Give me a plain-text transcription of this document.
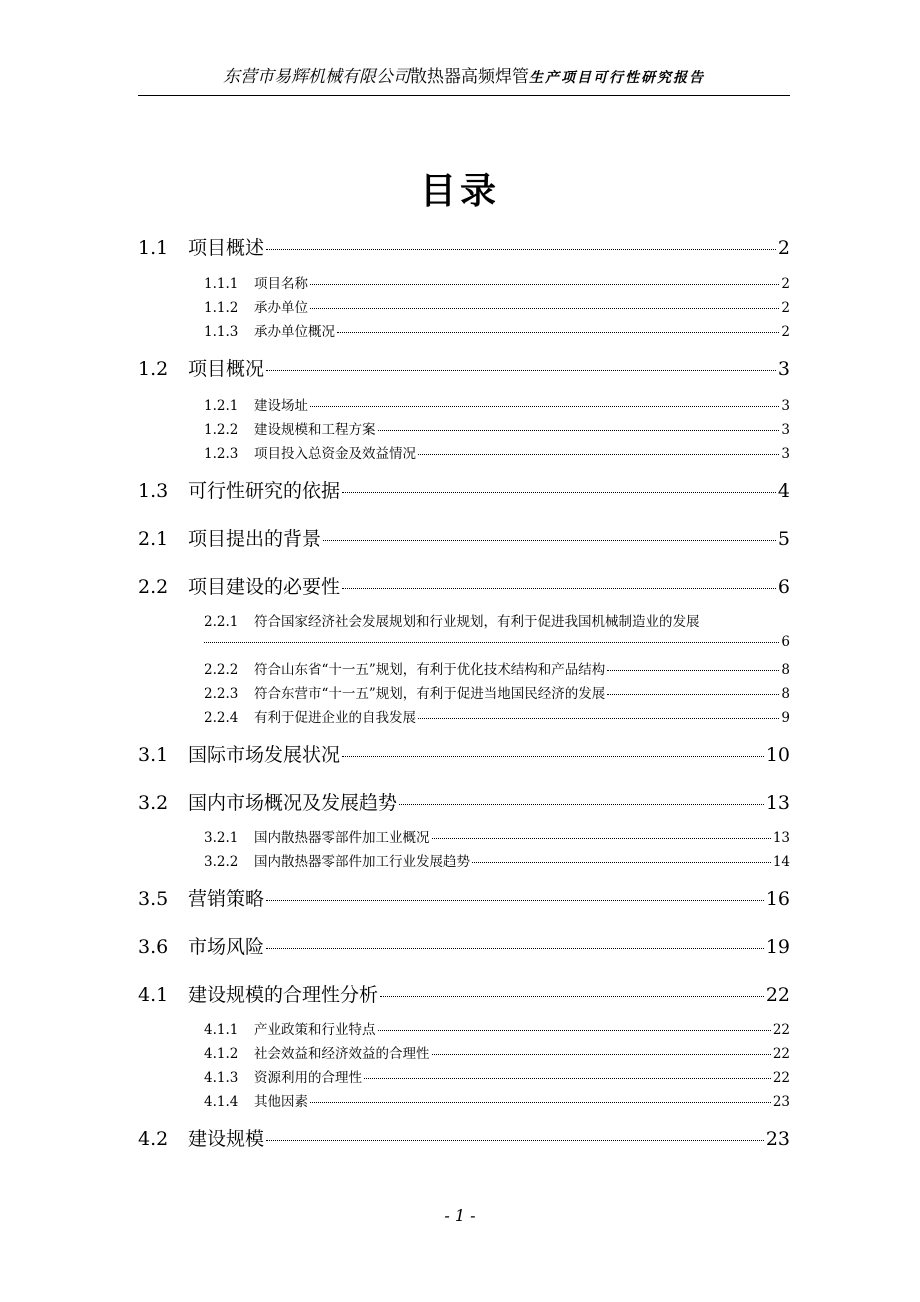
东营市易辉机械有限公司散热器高频焊管生产项目可行性研究报告
目录
1.1	项目概述	2
1.1.1	项目名称	2
1.1.2	承办单位	2
1.1.3	承办单位概况	2
1.2	项目概况	3
1.2.1	建设场址	3
1.2.2	建设规模和工程方案	3
1.2.3	项目投入总资金及效益情况	3
1.3	可行性研究的依据	4
2.1	项目提出的背景	5
2.2	项目建设的必要性	6
2.2.1	符合国家经济社会发展规划和行业规划，有利于促进我国机械制造业的发展
6
2.2.2	符合山东省“十一五”规划，有利于优化技术结构和产品结构	8
2.2.3	符合东营市“十一五”规划，有利于促进当地国民经济的发展	8
2.2.4	有利于促进企业的自我发展	9
3.1	国际市场发展状况	10
3.2	国内市场概况及发展趋势	13
3.2.1	国内散热器零部件加工业概况	13
3.2.2	国内散热器零部件加工行业发展趋势	14
3.5	营销策略	16
3.6	市场风险	19
4.1	建设规模的合理性分析	22
4.1.1	产业政策和行业特点	22
4.1.2	社会效益和经济效益的合理性	22
4.1.3	资源利用的合理性	22
4.1.4	其他因素	23
4.2	建设规模	23
- 1 -
